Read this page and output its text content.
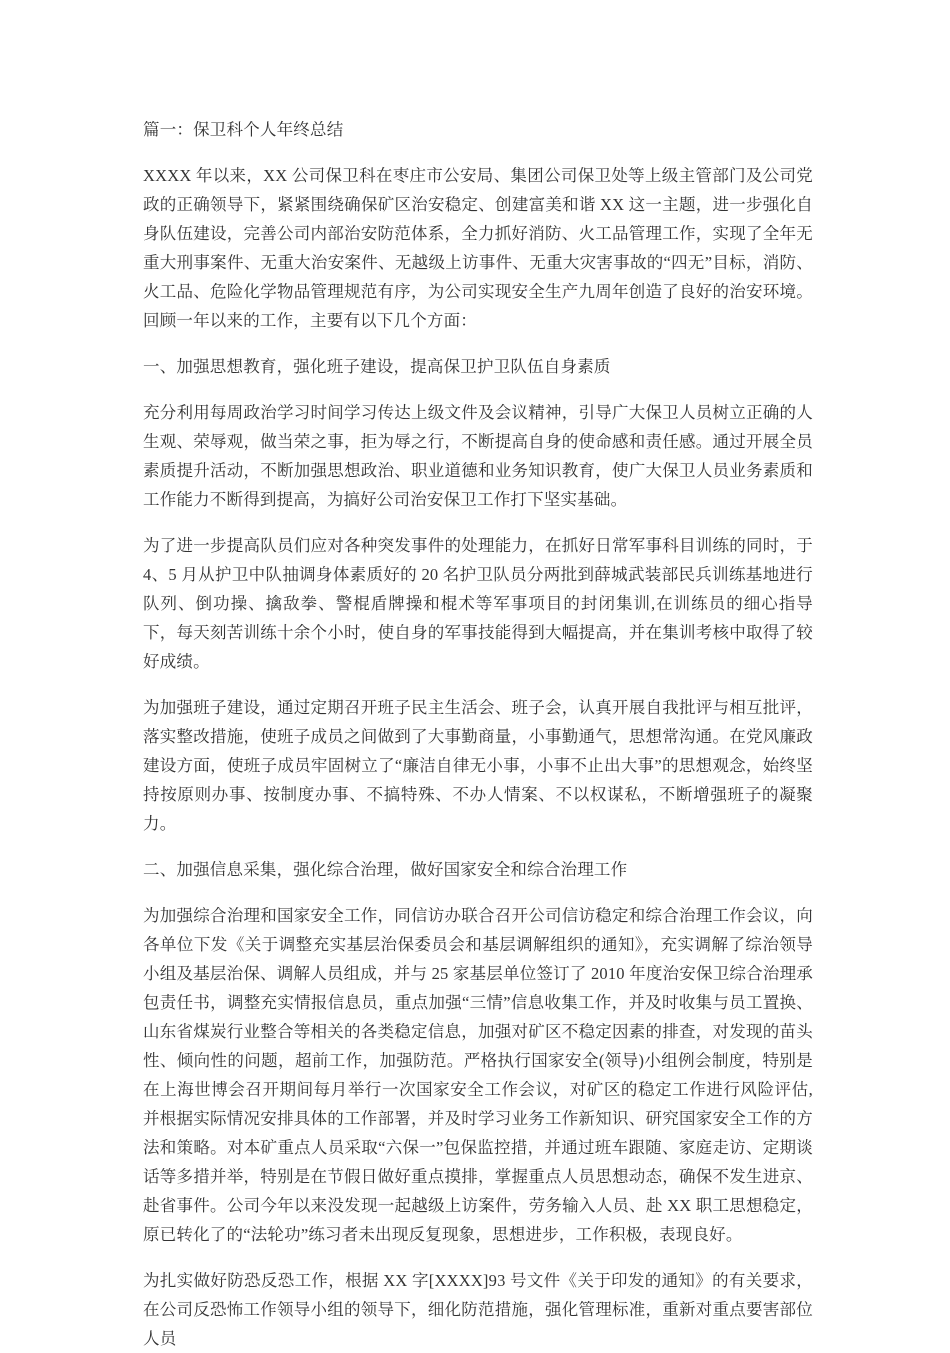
篇一：保卫科个人年终总结

XXXX 年以来，XX 公司保卫科在枣庄市公安局、集团公司保卫处等上级主管部门及公司党政的正确领导下，紧紧围绕确保矿区治安稳定、创建富美和谐 XX 这一主题，进一步强化自身队伍建设，完善公司内部治安防范体系，全力抓好消防、火工品管理工作，实现了全年无重大刑事案件、无重大治安案件、无越级上访事件、无重大灾害事故的“四无”目标，消防、火工品、危险化学物品管理规范有序，为公司实现安全生产九周年创造了良好的治安环境。回顾一年以来的工作，主要有以下几个方面：

一、加强思想教育，强化班子建设，提高保卫护卫队伍自身素质

充分利用每周政治学习时间学习传达上级文件及会议精神，引导广大保卫人员树立正确的人生观、荣辱观，做当荣之事，拒为辱之行，不断提高自身的使命感和责任感。通过开展全员素质提升活动，不断加强思想政治、职业道德和业务知识教育，使广大保卫人员业务素质和工作能力不断得到提高，为搞好公司治安保卫工作打下坚实基础。

为了进一步提高队员们应对各种突发事件的处理能力，在抓好日常军事科目训练的同时，于 4、5 月从护卫中队抽调身体素质好的 20 名护卫队员分两批到薛城武装部民兵训练基地进行队列、倒功操、擒敌拳、警棍盾牌操和棍术等军事项目的封闭集训,在训练员的细心指导下，每天刻苦训练十余个小时，使自身的军事技能得到大幅提高，并在集训考核中取得了较好成绩。

为加强班子建设，通过定期召开班子民主生活会、班子会，认真开展自我批评与相互批评，落实整改措施，使班子成员之间做到了大事勤商量，小事勤通气，思想常沟通。在党风廉政建设方面，使班子成员牢固树立了“廉洁自律无小事，小事不止出大事”的思想观念，始终坚持按原则办事、按制度办事、不搞特殊、不办人情案、不以权谋私，不断增强班子的凝聚力。

二、加强信息采集，强化综合治理，做好国家安全和综合治理工作

为加强综合治理和国家安全工作，同信访办联合召开公司信访稳定和综合治理工作会议，向各单位下发《关于调整充实基层治保委员会和基层调解组织的通知》，充实调解了综治领导小组及基层治保、调解人员组成，并与 25 家基层单位签订了 2010 年度治安保卫综合治理承包责任书，调整充实情报信息员，重点加强“三情”信息收集工作，并及时收集与员工置换、山东省煤炭行业整合等相关的各类稳定信息，加强对矿区不稳定因素的排查，对发现的苗头性、倾向性的问题，超前工作，加强防范。严格执行国家安全(领导)小组例会制度，特别是在上海世博会召开期间每月举行一次国家安全工作会议，对矿区的稳定工作进行风险评估,并根据实际情况安排具体的工作部署，并及时学习业务工作新知识、研究国家安全工作的方法和策略。对本矿重点人员采取“六保一”包保监控措，并通过班车跟随、家庭走访、定期谈话等多措并举，特别是在节假日做好重点摸排，掌握重点人员思想动态，确保不发生进京、赴省事件。公司今年以来没发现一起越级上访案件，劳务输入人员、赴 XX 职工思想稳定，原已转化了的“法轮功”练习者未出现反复现象，思想进步，工作积极，表现良好。

为扎实做好防恐反恐工作，根据 XX 字[XXXX]93 号文件《关于印发的通知》的有关要求，在公司反恐怖工作领导小组的领导下，细化防范措施，强化管理标准，重新对重点要害部位人员
